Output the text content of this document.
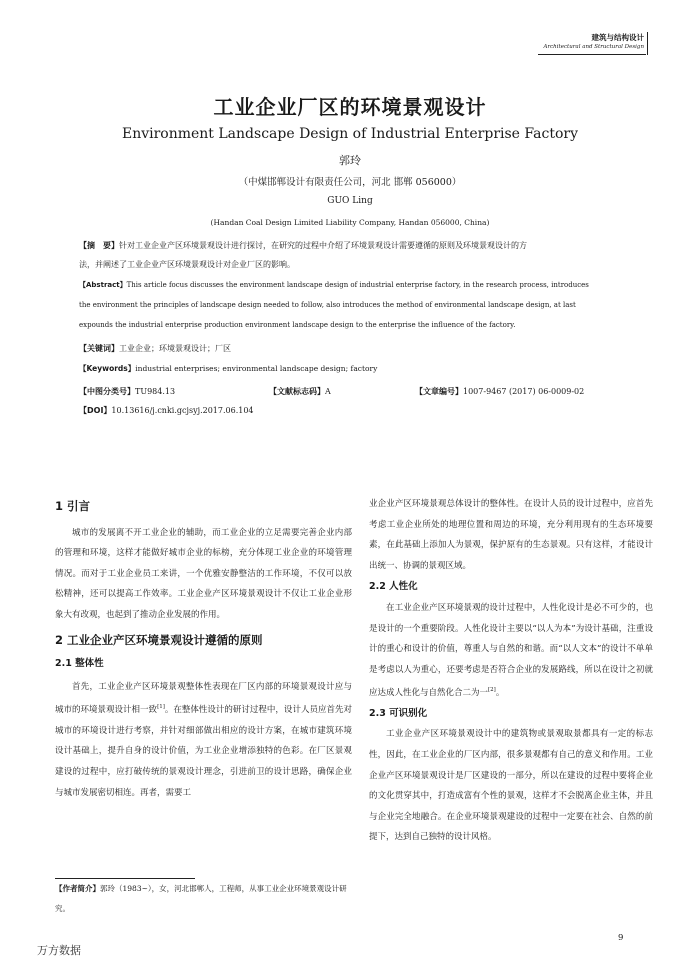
建筑与结构设计
Architectural and Structural Design
工业企业厂区的环境景观设计
Environment Landscape Design of Industrial Enterprise Factory
郭玲
（中煤邯郸设计有限责任公司，河北 邯郸 056000）
GUO Ling
(Handan Coal Design Limited Liability Company, Handan 056000, China)
【摘　要】针对工业企业产区环境景观设计进行探讨，在研究的过程中介绍了环境景观设计需要遵循的原则及环境景观设计的方
法，并阐述了工业企业产区环境景观设计对企业厂区的影响。
【Abstract】This article focus discusses the environment landscape design of industrial enterprise factory, in the research process, introduces
the environment the principles of landscape design needed to follow, also introduces the method of environmental landscape design, at last
expounds the industrial enterprise production environment landscape design to the enterprise the influence of the factory.
【关键词】工业企业；环境景观设计；厂区
【Keywords】industrial enterprises; environmental landscape design; factory
【中图分类号】TU984.13	【文献标志码】A	【文章编号】1007-9467 (2017) 06-0009-02
【DOI】10.13616/j.cnki.gcjsyj.2017.06.104
1 引言
城市的发展离不开工业企业的辅助，而工业企业的立足需要完善企业内部的管理和环境，这样才能做好城市企业的标榜，充分体现工业企业的环境管理情况。而对于工业企业员工来讲，一个优雅安静整洁的工作环境，不仅可以放松精神，还可以提高工作效率。工业企业产区环境景观设计不仅让工业企业形象大有改观，也起到了推动企业发展的作用。
2 工业企业产区环境景观设计遵循的原则
2.1 整体性
首先，工业企业产区环境景观整体性表现在厂区内部的环境景观设计应与城市的环境景观设计相一致[1]。在整体性设计的研讨过程中，设计人员应首先对城市的环境设计进行考察，并针对细部做出相应的设计方案，在城市建筑环境设计基础上，提升自身的设计价值，为工业企业增添独特的色彩。在厂区景观建设的过程中，应打破传统的景观设计理念，引进前卫的设计思路，确保企业与城市发展密切相连。再者，需要工
【作者简介】郭玲（1983~），女，河北邯郸人，工程师，从事工业企业环境景观设计研究。
业企业产区环境景观总体设计的整体性。在设计人员的设计过程中，应首先考虑工业企业所处的地理位置和周边的环境，充分利用现有的生态环境要素，在此基础上添加人为景观，保护原有的生态景观。只有这样，才能设计出统一、协调的景观区域。
2.2 人性化
在工业企业产区环境景观的设计过程中，人性化设计是必不可少的，也是设计的一个重要阶段。人性化设计主要以“以人为本”为设计基础，注重设计的重心和设计的价值，尊重人与自然的和谐。而“以人文本”的设计不单单是考虑以人为重心，还要考虑是否符合企业的发展路线，所以在设计之初就应达成人性化与自然化合二为一[2]。
2.3 可识别化
工业企业产区环境景观设计中的建筑物或景观取景都具有一定的标志性，因此，在工业企业的厂区内部，很多景观都有自己的意义和作用。工业企业产区环境景观设计是厂区建设的一部分，所以在建设的过程中要将企业的文化贯穿其中，打造成富有个性的景观，这样才不会脱离企业主体，并且与企业完全地融合。在企业环境景观建设的过程中一定要在社会、自然的前提下，达到自己独特的设计风格。
9
万方数据
